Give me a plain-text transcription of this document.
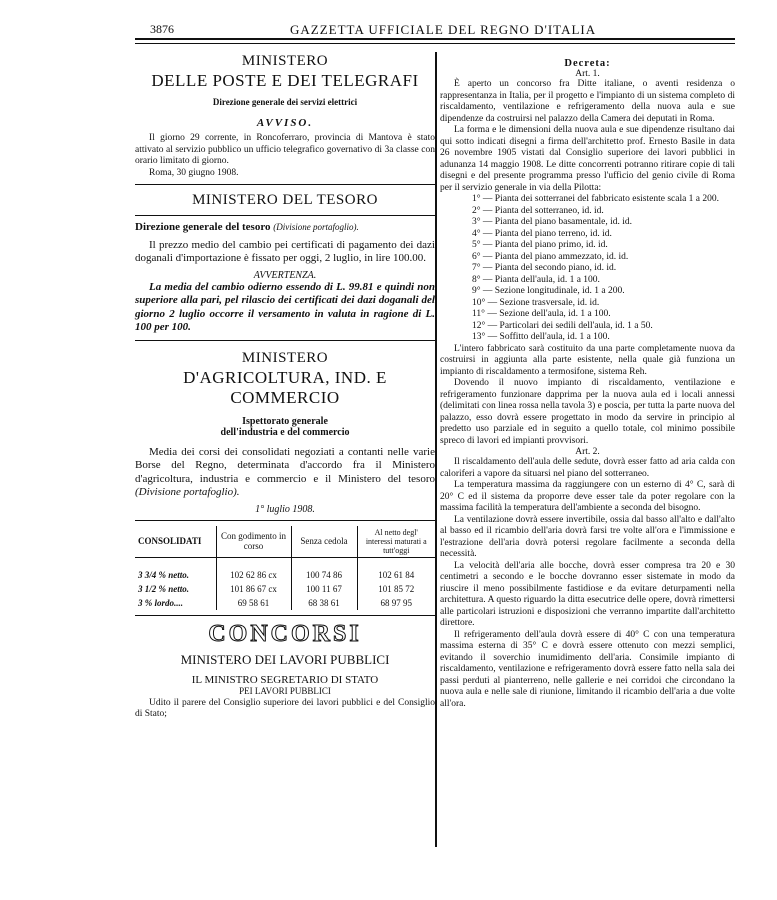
3876	GAZZETTA UFFICIALE DEL REGNO D'ITALIA
MINISTERO
DELLE POSTE E DEI TELEGRAFI
Direzione generale dei servizi elettrici
AVVISO.
Il giorno 29 corrente, in Roncoferraro, provincia di Mantova è stato attivato al servizio pubblico un ufficio telegrafico governativo di 3a classe con orario limitato di giorno.
Roma, 30 giugno 1908.
MINISTERO DEL TESORO
Direzione generale del tesoro (Divisione portafoglio).
Il prezzo medio del cambio pei certificati di pagamento dei dazi doganali d'importazione è fissato per oggi, 2 luglio, in lire 100.00.
AVVERTENZA.
La media del cambio odierno essendo di L. 99.81 e quindi non superiore alla pari, pel rilascio dei certificati dei dazi doganali del giorno 2 luglio occorre il versamento in valuta in ragione di L. 100 per 100.
MINISTERO
D'AGRICOLTURA, IND. E COMMERCIO
Ispettorato generale
dell'industria e del commercio
Media dei corsi dei consolidati negoziati a contanti nelle varie Borse del Regno, determinata d'accordo fra il Ministero d'agricoltura, industria e commercio e il Ministero del tesoro (Divisione portafoglio).
1° luglio 1908.
CONSOLIDATI	Con godimento in corso	Senza cedola	Al netto degl' interessi maturati a tutt'oggi
3 3/4 % netto.	102 62 86 cx	100 74 86	102 61 84
3 1/2 % netto.	101 86 67 cx	100 11 67	101 85 72
3 % lordo....	69 58 61	68 38 61	68 97 95
CONCORSI
MINISTERO DEI LAVORI PUBBLICI
IL MINISTRO SEGRETARIO DI STATO
PEI LAVORI PUBBLICI
Udito il parere del Consiglio superiore dei lavori pubblici e del Consiglio di Stato;
Decreta:
Art. 1.
È aperto un concorso fra Ditte italiane, o aventi residenza o rappresentanza in Italia, per il progetto e l'impianto di un sistema completo di riscaldamento, ventilazione e refrigeramento della nuova aula e sue dipendenze da costruirsi nel palazzo della Camera dei deputati in Roma.
La forma e le dimensioni della nuova aula e sue dipendenze risultano dai qui sotto indicati disegni a firma dell'architetto prof. Ernesto Basile in data 26 novembre 1905 vistati dal Consiglio superiore dei lavori pubblici in adunanza 14 maggio 1908. Le ditte concorrenti potranno ritirare copie di tali disegni e del presente programma presso l'ufficio del genio civile di Roma per il servizio generale in via della Pilotta:
1° — Pianta dei sotterranei del fabbricato esistente scala 1 a 200.
2° — Pianta del sotterraneo, id. id.
3° — Pianta del piano basamentale, id. id.
4° — Pianta del piano terreno, id. id.
5° — Pianta del piano primo, id. id.
6° — Pianta del piano ammezzato, id. id.
7° — Pianta del secondo piano, id. id.
8° — Pianta dell'aula, id. 1 a 100.
9° — Sezione longitudinale, id. 1 a 200.
10° — Sezione trasversale, id. id.
11° — Sezione dell'aula, id. 1 a 100.
12° — Particolari dei sedili dell'aula, id. 1 a 50.
13° — Soffitto dell'aula, id. 1 a 100.
L'intero fabbricato sarà costituito da una parte completamente nuova da costruirsi in aggiunta alla parte esistente, nella quale già funziona un impianto di riscaldamento a termosifone, sistema Reh.
Dovendo il nuovo impianto di riscaldamento, ventilazione e refrigeramento funzionare dapprima per la nuova aula ed i locali annessi (delimitati con linea rossa nella tavola 3) e poscia, per tutta la parte nuova del palazzo, esso dovrà essere progettato in modo da servire in principio al predetto uso parziale ed in seguito a quello totale, col minimo possibile spreco di lavori ed impianti provvisori.
Art. 2.
Il riscaldamento dell'aula delle sedute, dovrà esser fatto ad aria calda con caloriferi a vapore da situarsi nel piano del sotterraneo.
La temperatura massima da raggiungere con un esterno di 4° C, sarà di 20° C ed il sistema da proporre deve esser tale da poter regolare con la massima facilità la temperatura dell'ambiente a seconda del bisogno.
La ventilazione dovrà essere invertibile, ossia dal basso all'alto e dall'alto al basso ed il ricambio dell'aria dovrà farsi tre volte all'ora e l'immissione e l'estrazione dell'aria dovrà potersi regolare facilmente a seconda della necessità.
La velocità dell'aria alle bocche, dovrà esser compresa tra 20 e 30 centimetri a secondo e le bocche dovranno esser sistemate in modo da riuscire il meno possibilmente fastidiose e da evitare deturpamenti nella architettura. A questo riguardo la ditta esecutrice delle opere, dovrà rimettersi alle particolari istruzioni e disposizioni che verranno impartite dall'architetto direttore.
Il refrigeramento dell'aula dovrà essere di 40° C con una temperatura massima esterna di 35° C e dovrà essere ottenuto con mezzi semplici, evitando il soverchio inumidimento dell'aria. Consimile impianto di riscaldamento, ventilazione e refrigeramento dovrà essere fatto nella sala dei passi perduti al pianterreno, nelle gallerie e nei corridoi che circondano la nuova aula e nelle sale di riunione, limitando il ricambio dell'aria a due volte all'ora.
